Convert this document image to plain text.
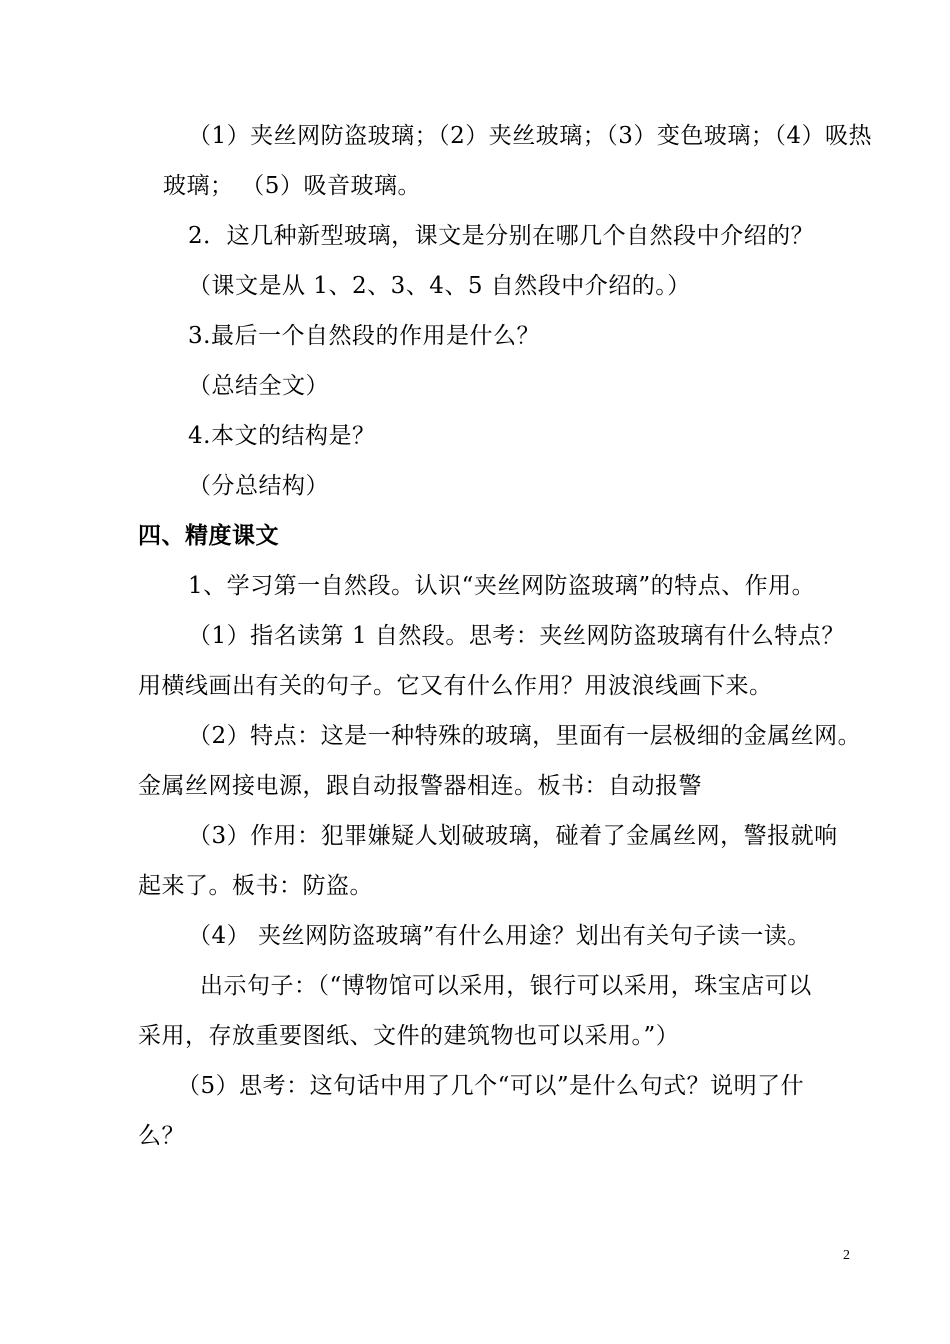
（1）夹丝网防盗玻璃；（2）夹丝玻璃；（3）变色玻璃；（4）吸热
玻璃； （5）吸音玻璃。
2．这几种新型玻璃，课文是分别在哪几个自然段中介绍的？
（课文是从 1、2、3、4、5 自然段中介绍的。）
3.最后一个自然段的作用是什么？
（总结全文）
4.本文的结构是？
（分总结构）
四、精度课文
1、学习第一自然段。认识“夹丝网防盗玻璃”的特点、作用。
（1）指名读第 1 自然段。思考：夹丝网防盗玻璃有什么特点？
用横线画出有关的句子。它又有什么作用？用波浪线画下来。
（2）特点：这是一种特殊的玻璃，里面有一层极细的金属丝网。
金属丝网接电源，跟自动报警器相连。板书：自动报警
（3）作用：犯罪嫌疑人划破玻璃，碰着了金属丝网，警报就响
起来了。板书：防盗。
（4） 夹丝网防盗玻璃”有什么用途？划出有关句子读一读。
出示句子：（“博物馆可以采用，银行可以采用，珠宝店可以
采用，存放重要图纸、文件的建筑物也可以采用。”）
（5）思考：这句话中用了几个“可以”是什么句式？说明了什
么？
2
